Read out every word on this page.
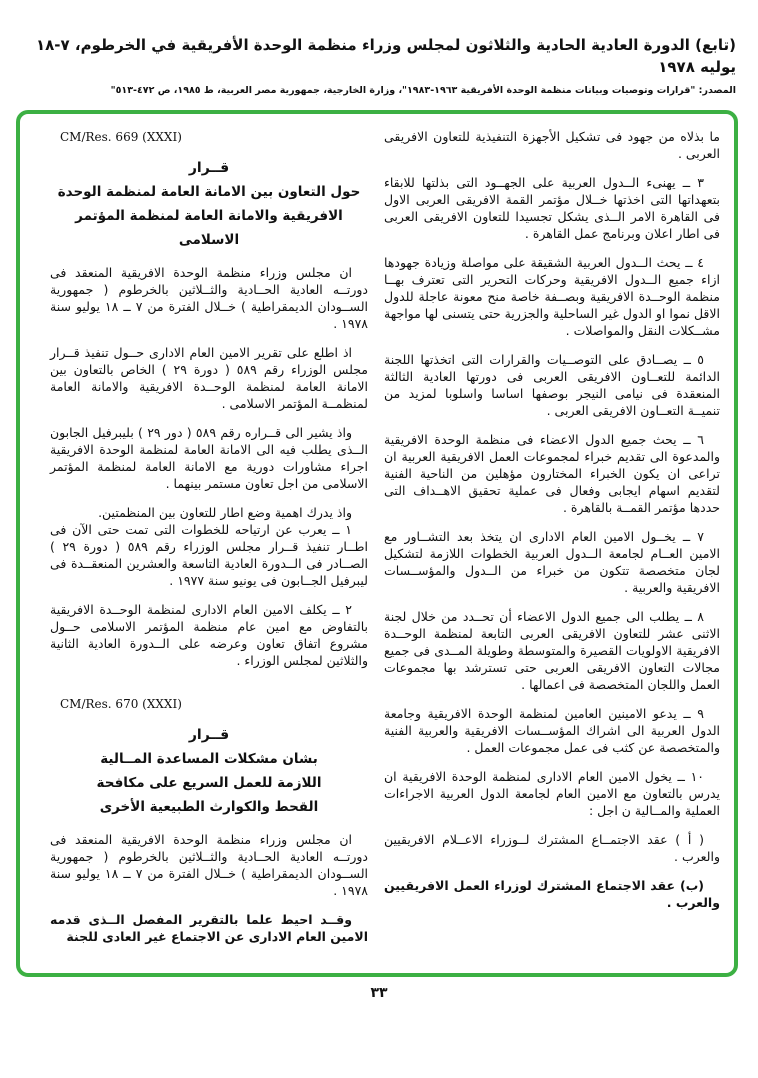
(تابع) الدورة العادية الحادية والثلاثون لمجلس وزراء منظمة الوحدة الأفريقية في الخرطوم، ٧-١٨ يوليه ١٩٧٨
المصدر: "قرارات وتوصيات وبيانات منظمة الوحدة الأفريقية ١٩٦٣-١٩٨٣"، وزارة الخارجية، جمهورية مصر العربية، ط ١٩٨٥، ص ٤٧٢-٥١٣"

ما بذلاه من جهود فى تشكيل الأجهزة التنفيذية للتعاون الافريقى العربى .

٣ ــ يهنىء الــدول العربية على الجهــود التى بذلتها للابقاء بتعهداتها التى اخذتها خــلال مؤتمر القمة الافريقى العربى الاول فى القاهرة الامر الــذى يشكل تجسيدا للتعاون الافريقى العربى فى اطار اعلان وبرنامج عمل القاهرة .

٤ ــ يحث الــدول العربية الشقيقة على مواصلة وزيادة جهودها ازاء جميع الــدول الافريقية وحركات التحرير التى تعترف بهــا منظمة الوحــدة الافريقية وبصــفة خاصة منح معونة عاجلة للدول الاقل نموا او الدول غير الساحلية والجزرية حتى يتسنى لها مواجهة مشــكلات النقل والمواصلات .

٥ ــ يصــادق على التوصــيات والقرارات التى اتخذتها اللجنة الدائمة للتعــاون الافريقى العربى فى دورتها العادية الثالثة المنعقدة فى نيامى النيجر بوصفها اساسا واسلوبا لمزيد من تنميــة التعــاون الافريقى العربى .

٦ ــ يحث جميع الدول الاعضاء فى منظمة الوحدة الافريقية والمدعوة الى تقديم خبراء لمجموعات العمل الافريقية العربية ان تراعى ان يكون الخبراء المختارون مؤهلين من الناحية الفنية لتقديم اسهام ايجابى وفعال فى عملية تحقيق الاهــداف التى حددها مؤتمر القمــة بالقاهرة .

٧ ــ يخــول الامين العام الادارى ان يتخذ بعد التشــاور مع الامين العــام لجامعة الــدول العربية الخطوات اللازمة لتشكيل لجان متخصصة تتكون من خبراء من الــدول والمؤســسات الافريقية والعربية .

٨ ــ يطلب الى جميع الدول الاعضاء أن تحــدد من خلال لجنة الاثنى عشر للتعاون الافريقى العربى التابعة لمنظمة الوحــدة الافريقية الاولويات القصيرة والمتوسطة وطويلة المــدى فى جميع مجالات التعاون الافريقى العربى حتى تسترشد بها مجموعات العمل واللجان المتخصصة فى اعمالها .

٩ ــ يدعو الامينين العامين لمنظمة الوحدة الافريقية وجامعة الدول العربية الى اشراك المؤســسات الافريقية والعربية الفنية والمتخصصة عن كثب فى عمل مجموعات العمل .

١٠ ــ يخول الامين العام الادارى لمنظمة الوحدة الافريقية ان يدرس بالتعاون مع الامين العام لجامعة الدول العربية الاجراءات العملية والمــالية ن اجل :

( أ ) عقد الاجتمــاع المشترك لــوزراء الاعــلام الافريقيين والعرب .

(ب) عقد الاجتماع المشترك لوزراء العمل الافريقيين والعرب .

CM/Res. 669 (XXXI)
قــرار
حول التعاون بين الامانة العامة لمنظمة الوحدة
الافريقية والامانة العامة لمنظمة المؤتمر الاسلامى

ان مجلس وزراء منظمة الوحدة الافريقية المنعقد فى دورتــه العادية الحــادية والثــلاثين بالخرطوم ( جمهورية الســودان الديمقراطية ) خــلال الفترة من ٧ ــ ١٨ يوليو سنة ١٩٧٨ .

اذ اطلع على تقرير الامين العام الادارى حــول تنفيذ قــرار مجلس الوزراء رقم ٥٨٩ ( دورة ٢٩ ) الخاص بالتعاون بين الامانة العامة لمنظمة الوحــدة الافريقية والامانة العامة لمنظمــة المؤتمر الاسلامى .

واذ يشير الى قــراره رقم ٥٨٩ ( دور ٢٩ ) بليبرفيل الجابون الــذى يطلب فيه الى الامانة العامة لمنظمة الوحدة الافريقية اجراء مشاورات دورية مع الامانة العامة لمنظمة المؤتمر الاسلامى من اجل تعاون مستمر بينهما .

واذ يدرك اهمية وضع اطار للتعاون بين المنظمتين.

١ ــ يعرب عن ارتياحه للخطوات التى تمت حتى الآن فى اطــار تنفيذ قــرار مجلس الوزراء رقم ٥٨٩ ( دورة ٢٩ ) الصــادر فى الــدورة العادية التاسعة والعشرين المنعقــدة فى ليبرفيل الجــابون فى يونيو سنة ١٩٧٧ .

٢ ــ يكلف الامين العام الادارى لمنظمة الوحــدة الافريقية بالتفاوض مع امين عام منظمة المؤتمر الاسلامى حــول مشروع اتفاق تعاون وعرضه على الــدورة العادية الثانية والثلاثين لمجلس الوزراء .

CM/Res. 670 (XXXI)
قــرار
بشان مشكلات المساعدة المــالية
اللازمة للعمل السريع على مكافحة
القحط والكوارث الطبيعية الأخرى

ان مجلس وزراء منظمة الوحدة الافريقية المنعقد فى دورتــه العادية الحــادية والثــلاثين بالخرطوم ( جمهورية الســودان الديمقراطية ) خــلال الفترة من ٧ ــ ١٨ يوليو سنة ١٩٧٨ .

وقــد احيط علما بالتقرير المفصل الــذى قدمه الامين العام الادارى عن الاجتماع غير العادى للجنة

٣٣
